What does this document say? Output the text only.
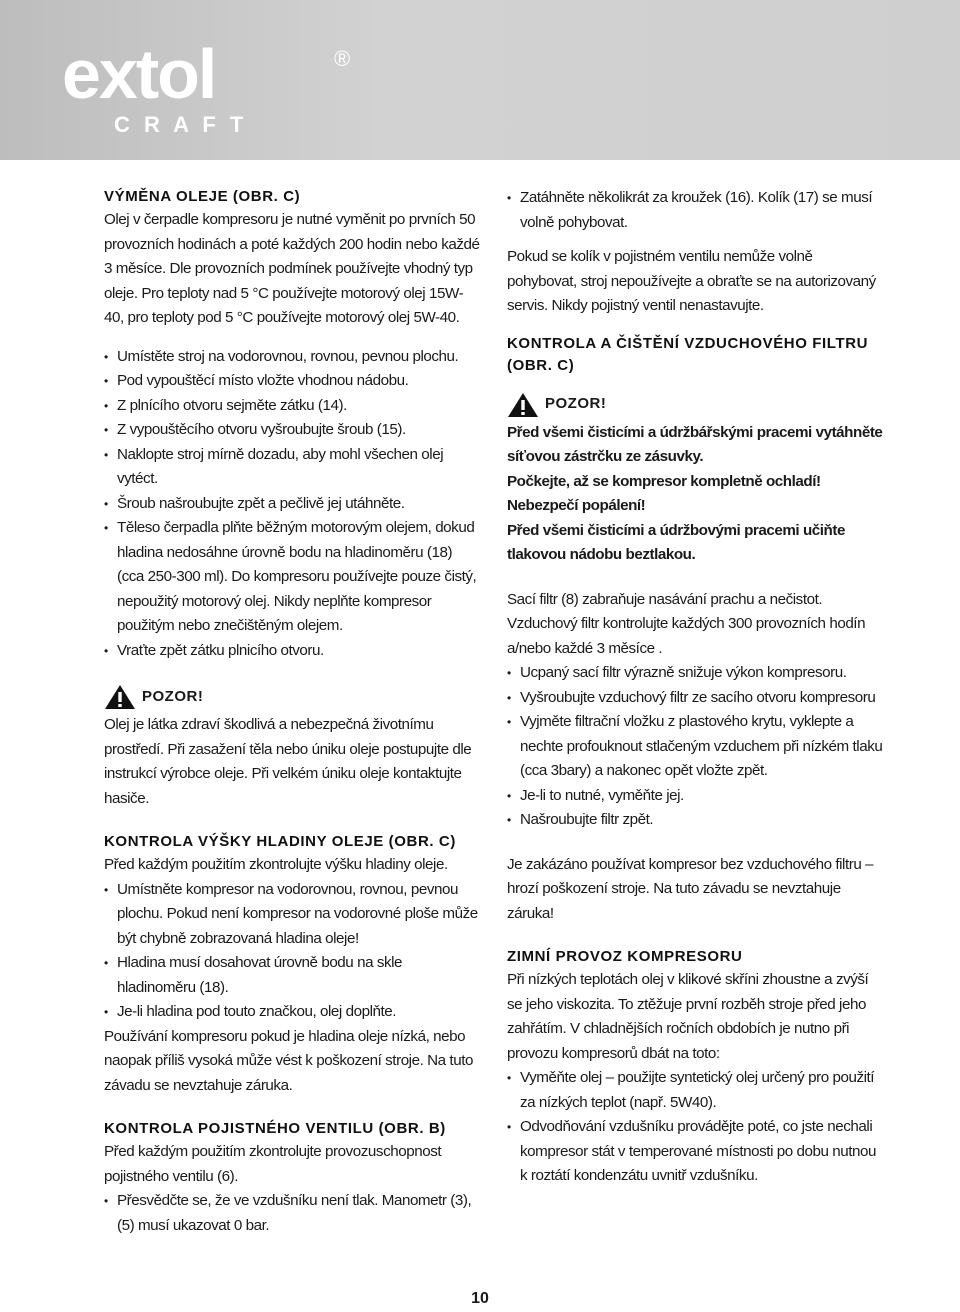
extol	®
C R A F T
VÝMĚNA OLEJE (OBR. C)

Olej v čerpadle kompresoru je nutné vyměnit po prvních 50 provozních hodinách a poté každých 200 hodin nebo každé 3 měsíce. Dle provozních podmínek používejte vhodný typ oleje. Pro teploty nad 5 °C používejte motorový olej 15W-40, pro teploty pod 5 °C používejte motorový olej 5W-40.

• Umístěte stroj na vodorovnou, rovnou, pevnou plochu.
• Pod vypouštěcí místo vložte vhodnou nádobu.
• Z plnícího otvoru sejměte zátku (14).
• Z vypouštěcího otvoru vyšroubujte šroub (15).
• Naklopte stroj mírně dozadu, aby mohl všechen olej vytéct.
• Šroub našroubujte zpět a pečlivě jej utáhněte.
• Těleso čerpadla plňte běžným motorovým olejem, dokud hladina nedosáhne úrovně bodu na hladinoměru (18) (cca 250-300 ml). Do kompresoru používejte pouze čistý, nepoužitý motorový olej. Nikdy neplňte kompresor použitým nebo znečištěným olejem.
• Vraťte zpět zátku plnicího otvoru.
POZOR!

Olej je látka zdraví škodlivá a nebezpečná životnímu prostředí. Při zasažení těla nebo úniku oleje postupujte dle instrukcí výrobce oleje. Při velkém úniku oleje kontaktujte hasiče.

KONTROLA VÝŠKY HLADINY OLEJE (OBR. C)

Před každým použitím zkontrolujte výšku hladiny oleje.

• Umístněte kompresor na vodorovnou, rovnou, pevnou plochu. Pokud není kompresor na vodorovné ploše může být chybně zobrazovaná hladina oleje!
• Hladina musí dosahovat úrovně bodu na skle hladinoměru (18).
• Je-li hladina pod touto značkou, olej doplňte.

Používání kompresoru pokud je hladina oleje nízká, nebo naopak příliš vysoká může vést k poškození stroje. Na tuto závadu se nevztahuje záruka.

KONTROLA POJISTNÉHO VENTILU (OBR. B)

Před každým použitím zkontrolujte provozuschopnost pojistného ventilu (6).

• Přesvědčte se, že ve vzdušníku není tlak. Manometr (3), (5) musí ukazovat 0 bar.
• Zatáhněte několikrát za kroužek (16). Kolík (17) se musí volně pohybovat.

Pokud se kolík v pojistném ventilu nemůže volně pohybovat, stroj nepoužívejte a obraťte se na autorizovaný servis. Nikdy pojistný ventil nenastavujte.

KONTROLA A ČIŠTĚNÍ VZDUCHOVÉHO FILTRU (OBR. C)
POZOR!

Před všemi čisticími a údržbářskými pracemi vytáhněte síťovou zástrčku ze zásuvky.

Počkejte, až se kompresor kompletně ochladí!

Nebezpečí popálení!

Před všemi čisticími a údržbovými pracemi učiňte tlakovou nádobu beztlakou.

Sací filtr (8) zabraňuje nasávání prachu a nečistot.

Vzduchový filtr kontrolujte každých 300 provozních hodín a/nebo každé 3 měsíce .

• Ucpaný sací filtr výrazně snižuje výkon kompresoru.
• Vyšroubujte vzduchový filtr ze sacího otvoru kompresoru
• Vyjměte filtrační vložku z plastového krytu, vyklepte a nechte profouknout stlačeným vzduchem při nízkém tlaku (cca 3bary) a nakonec opět vložte zpět.
• Je-li to nutné, vyměňte jej.
• Našroubujte filtr zpět.

Je zakázáno používat kompresor bez vzduchového filtru – hrozí poškození stroje. Na tuto závadu se nevztahuje záruka!

ZIMNÍ PROVOZ KOMPRESORU

Při nízkých teplotách olej v klikové skříni zhoustne a zvýší se jeho viskozita. To ztěžuje první rozběh stroje před jeho zahřátím. V chladnějších ročních obdobích je nutno při provozu kompresorů dbát na toto:

• Vyměňte olej – použijte syntetický olej určený pro použití za nízkých teplot (např. 5W40).
• Odvodňování vzdušníku provádějte poté, co jste nechali kompresor stát v temperované místnosti po dobu nutnou k roztátí kondenzátu uvnitř vzdušníku.
10
